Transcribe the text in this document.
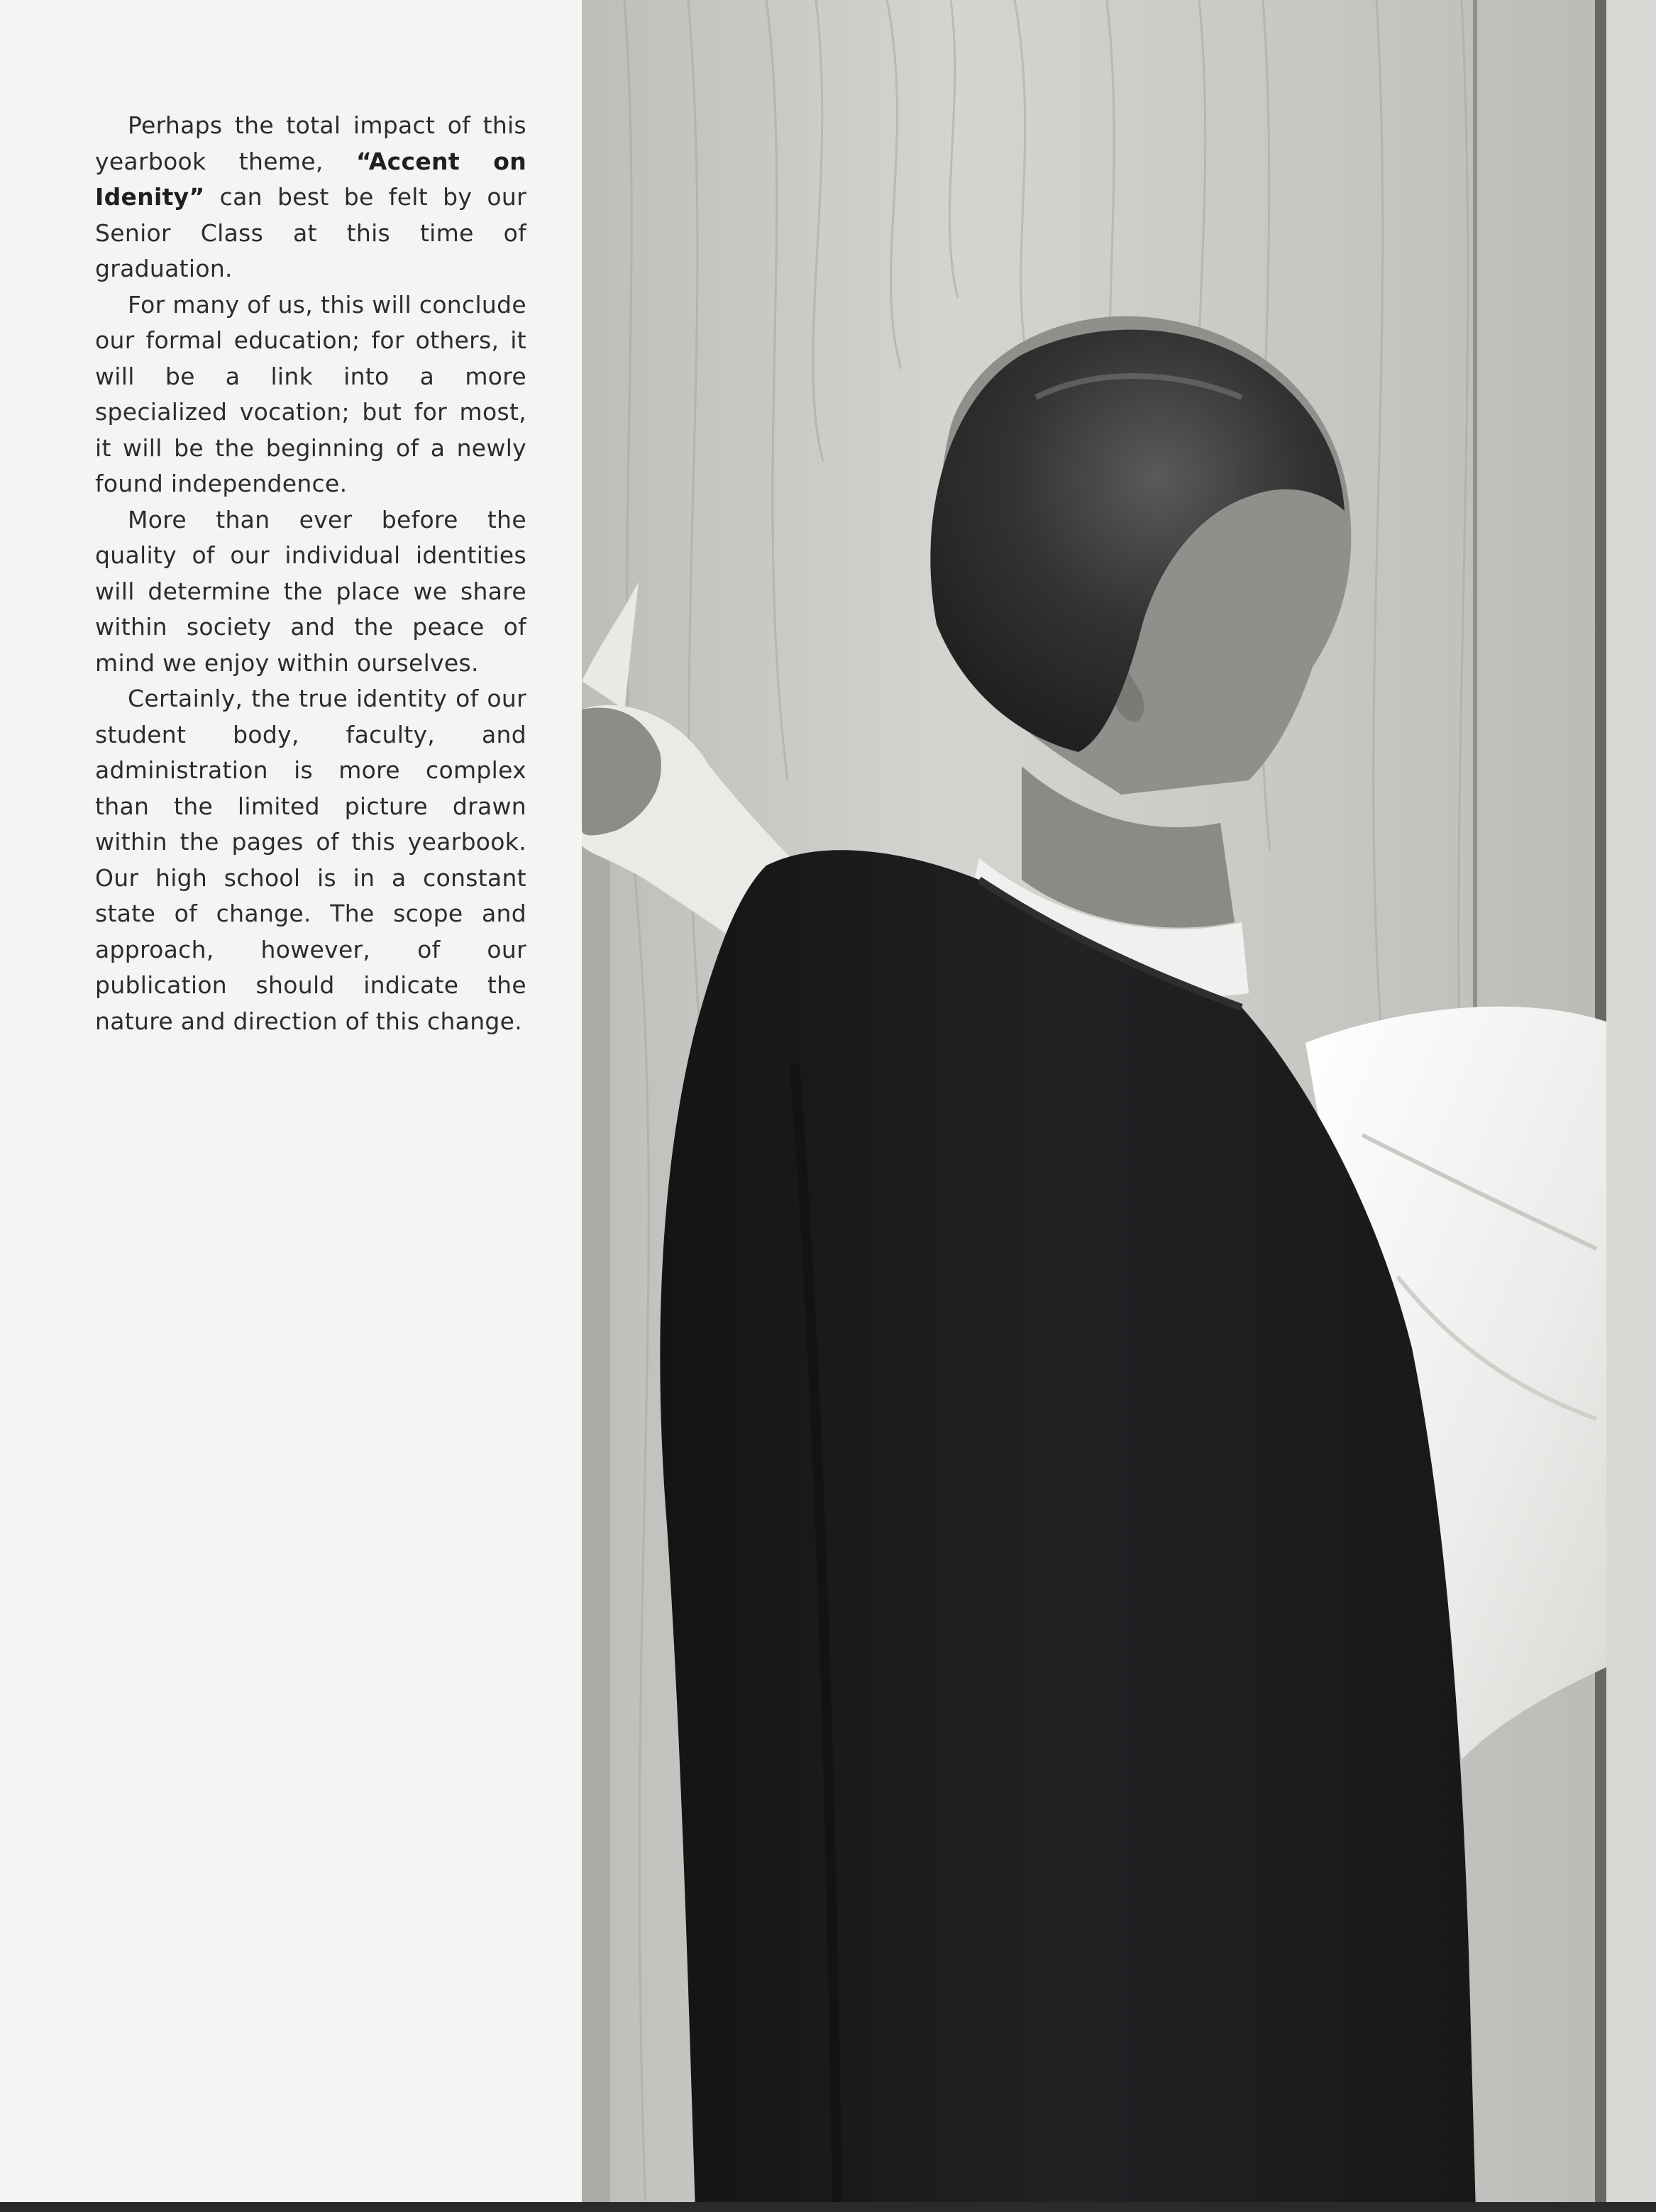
Perhaps the total impact of this yearbook theme, “Accent on Idenity” can best be felt by our Senior Class at this time of graduation.

For many of us, this will conclude our formal education; for others, it will be a link into a more specialized vocation; but for most, it will be the beginning of a newly found independence.

More than ever before the quality of our individual identities will determine the place we share within society and the peace of mind we enjoy within ourselves.

Certainly, the true identity of our student body, faculty, and administration is more complex than the limited picture drawn within the pages of this yearbook. Our high school is in a constant state of change. The scope and approach, however, of our publication should indicate the nature and direction of this change.
